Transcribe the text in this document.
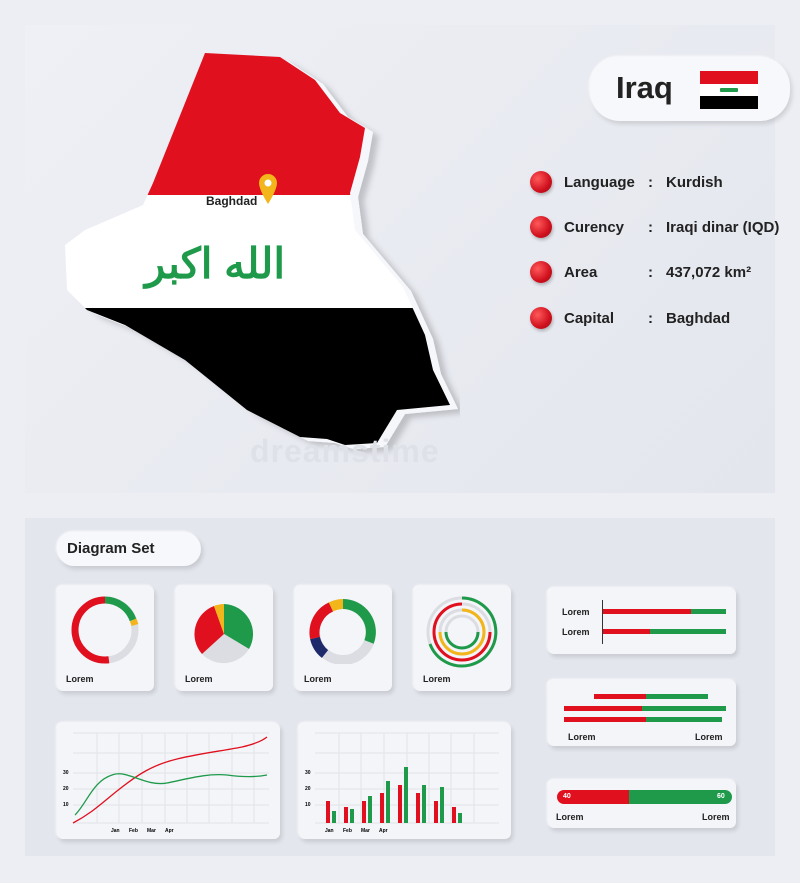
الله اكبر
Baghdad
dreamstime
Iraq
Language : Kurdish
Curency : Iraqi dinar (IQD)
Area	: 437,072 km²
Capital : Baghdad
Diagram Set
Lorem	Lorem	Lorem	Lorem
Lorem
Lorem
Lorem	Lorem
40	60
Lorem	Lorem
30
20
10
Jan Feb Mar Apr
30
20
10
Jan Feb Mar Apr
